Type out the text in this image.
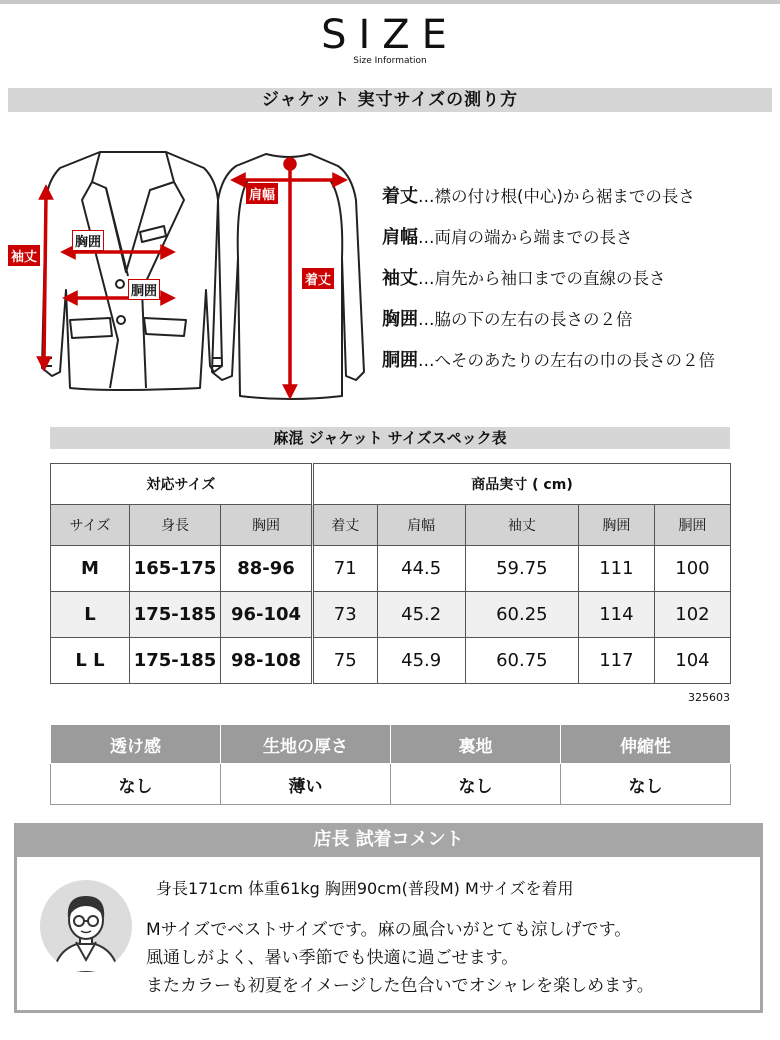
SIZE
Size Information
ジャケット 実寸サイズの測り方
袖丈
胸囲
胴囲
肩幅
着丈
着丈…襟の付け根(中心)から裾までの長さ
肩幅…両肩の端から端までの長さ
袖丈…肩先から袖口までの直線の長さ
胸囲…脇の下の左右の長さの２倍
胴囲…へそのあたりの左右の巾の長さの２倍
麻混 ジャケット サイズスペック表
対応サイズ			商品実寸 ( cm)				
サイズ	身長	胸囲	着丈	肩幅	袖丈	胸囲	胴囲
M	165-175	88-96	71	44.5	59.75	111	100
L	175-185	96-104	73	45.2	60.25	114	102
L L	175-185	98-108	75	45.9	60.75	117	104
325603
透け感	生地の厚さ	裏地	伸縮性
なし	薄い	なし	なし
店長 試着コメント
身長171cm 体重61kg 胸囲90cm(普段M) Mサイズを着用
Mサイズでベストサイズです。麻の風合いがとても涼しげです。
風通しがよく、暑い季節でも快適に過ごせます。
またカラーも初夏をイメージした色合いでオシャレを楽しめます。
